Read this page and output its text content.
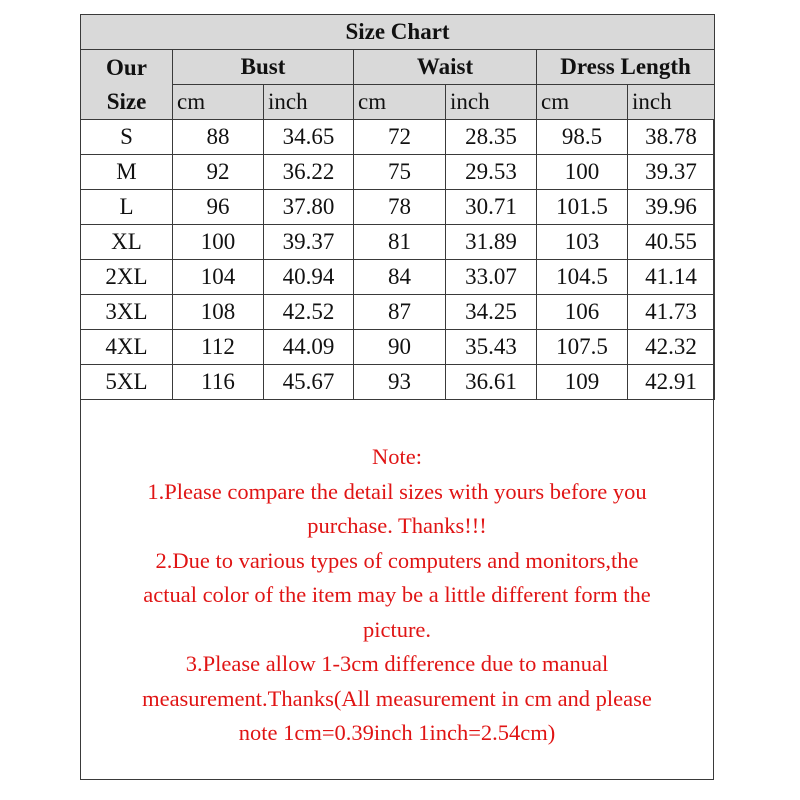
Size Chart						

Our
Size	Bust		Waist		Dress Length	
	cm	inch	cm	inch	cm	inch
S	88	34.65	72	28.35	98.5	38.78
M	92	36.22	75	29.53	100	39.37
L	96	37.80	78	30.71	101.5	39.96
XL	100	39.37	81	31.89	103	40.55
2XL	104	40.94	84	33.07	104.5	41.14
3XL	108	42.52	87	34.25	106	41.73
4XL	112	44.09	90	35.43	107.5	42.32
5XL	116	45.67	93	36.61	109	42.91
Note:
1.Please compare the detail sizes with yours before you
purchase. Thanks!!!
2.Due to various types of computers and monitors,the
actual color of the item may be a little different form the
picture.
3.Please allow 1-3cm difference due to manual
measurement.Thanks(All measurement in cm and please
note 1cm=0.39inch 1inch=2.54cm)
